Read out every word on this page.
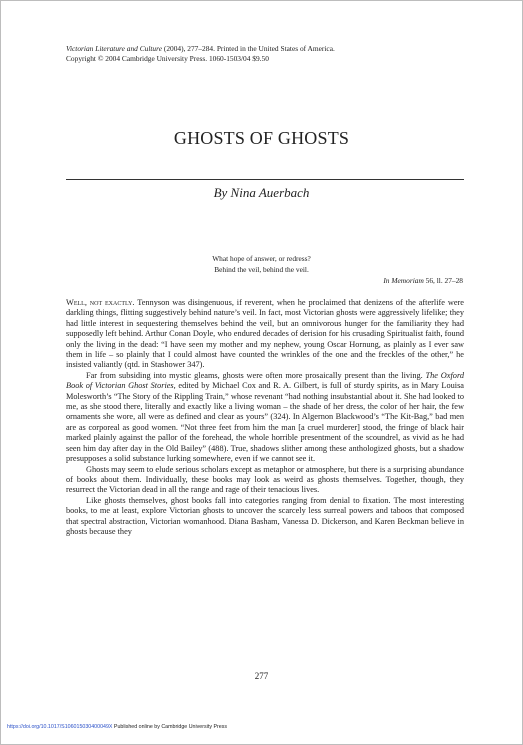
Victorian Literature and Culture (2004), 277–284. Printed in the United States of America.
Copyright © 2004 Cambridge University Press. 1060-1503/04 $9.50
GHOSTS OF GHOSTS
By Nina Auerbach
What hope of answer, or redress?
Behind the veil, behind the veil.
In Memoriam 56, ll. 27–28

Well, not exactly. Tennyson was disingenuous, if reverent, when he proclaimed that denizens of the afterlife were darkling things, flitting suggestively behind nature’s veil. In fact, most Victorian ghosts were aggressively lifelike; they had little interest in sequestering themselves behind the veil, but an omnivorous hunger for the familiarity they had supposedly left behind. Arthur Conan Doyle, who endured decades of derision for his crusading Spiritualist faith, found only the living in the dead: “I have seen my mother and my nephew, young Oscar Hornung, as plainly as I ever saw them in life – so plainly that I could almost have counted the wrinkles of the one and the freckles of the other,” he insisted valiantly (qtd. in Stashower 347).

Far from subsiding into mystic gleams, ghosts were often more prosaically present than the living. The Oxford Book of Victorian Ghost Stories, edited by Michael Cox and R. A. Gilbert, is full of sturdy spirits, as in Mary Louisa Molesworth’s “The Story of the Rippling Train,” whose revenant “had nothing insubstantial about it. She had looked to me, as she stood there, literally and exactly like a living woman – the shade of her dress, the color of her hair, the few ornaments she wore, all were as defined and clear as yours” (324). In Algernon Blackwood’s “The Kit-Bag,” bad men are as corporeal as good women. “Not three feet from him the man [a cruel murderer] stood, the fringe of black hair marked plainly against the pallor of the forehead, the whole horrible presentment of the scoundrel, as vivid as he had seen him day after day in the Old Bailey” (488). True, shadows slither among these anthologized ghosts, but a shadow presupposes a solid substance lurking somewhere, even if we cannot see it.

Ghosts may seem to elude serious scholars except as metaphor or atmosphere, but there is a surprising abundance of books about them. Individually, these books may look as weird as ghosts themselves. Together, though, they resurrect the Victorian dead in all the range and rage of their tenacious lives.

Like ghosts themselves, ghost books fall into categories ranging from denial to fixation. The most interesting books, to me at least, explore Victorian ghosts to uncover the scarcely less surreal powers and taboos that composed that spectral abstraction, Victorian womanhood. Diana Basham, Vanessa D. Dickerson, and Karen Beckman believe in ghosts because they

277
https://doi.org/10.1017/S106015030400049X Published online by Cambridge University Press
